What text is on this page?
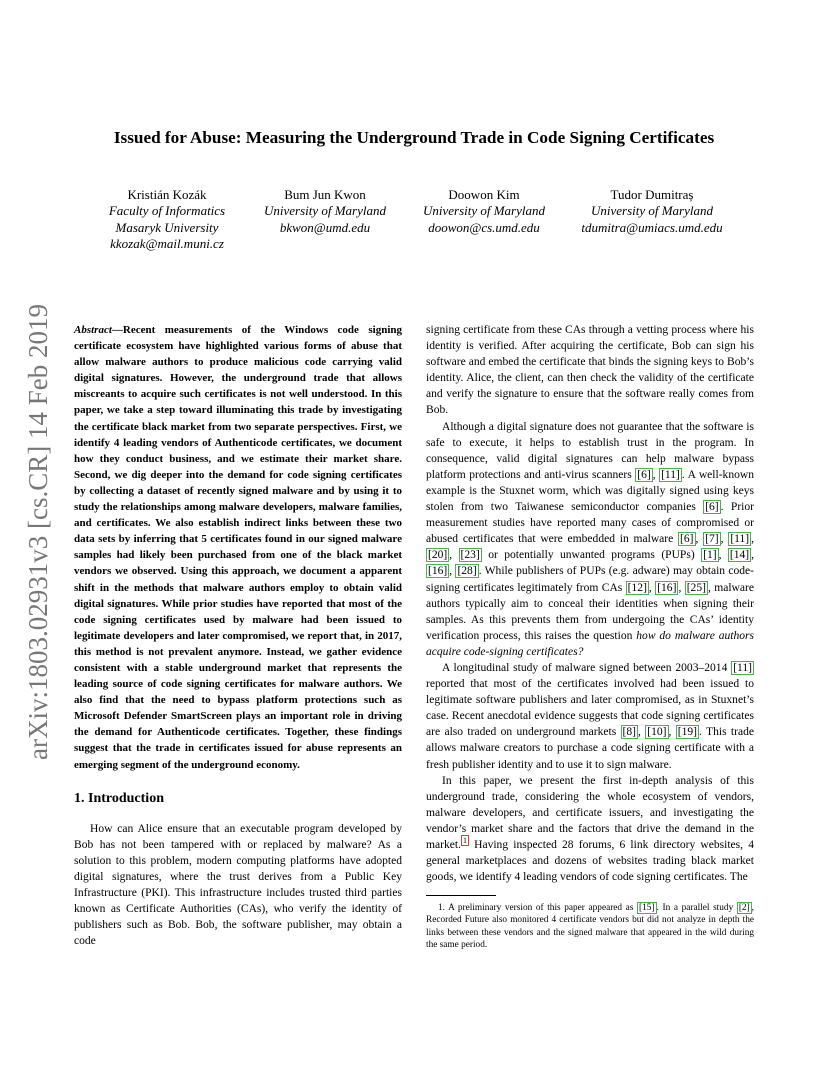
arXiv:1803.02931v3 [cs.CR] 14 Feb 2019
Issued for Abuse: Measuring the Underground Trade in Code Signing Certificates
Kristián Kozák
Faculty of Informatics
Masaryk University
kkozak@mail.muni.cz
Bum Jun Kwon
University of Maryland
bkwon@umd.edu
Doowon Kim
University of Maryland
doowon@cs.umd.edu
Tudor Dumitraș
University of Maryland
tdumitra@umiacs.umd.edu

Abstract—Recent measurements of the Windows code signing certificate ecosystem have highlighted various forms of abuse that allow malware authors to produce malicious code carrying valid digital signatures. However, the underground trade that allows miscreants to acquire such certificates is not well understood. In this paper, we take a step toward illuminating this trade by investigating the certificate black market from two separate perspectives. First, we identify 4 leading vendors of Authenticode certificates, we document how they conduct business, and we estimate their market share. Second, we dig deeper into the demand for code signing certificates by collecting a dataset of recently signed malware and by using it to study the relationships among malware developers, malware families, and certificates. We also establish indirect links between these two data sets by inferring that 5 certificates found in our signed malware samples had likely been purchased from one of the black market vendors we observed. Using this approach, we document a apparent shift in the methods that malware authors employ to obtain valid digital signatures. While prior studies have reported that most of the code signing certificates used by malware had been issued to legitimate developers and later compromised, we report that, in 2017, this method is not prevalent anymore. Instead, we gather evidence consistent with a stable underground market that represents the leading source of code signing certificates for malware authors. We also find that the need to bypass platform protections such as Microsoft Defender SmartScreen plays an important role in driving the demand for Authenticode certificates. Together, these findings suggest that the trade in certificates issued for abuse represents an emerging segment of the underground economy.

1. Introduction

How can Alice ensure that an executable program developed by Bob has not been tampered with or replaced by malware? As a solution to this problem, modern computing platforms have adopted digital signatures, where the trust derives from a Public Key Infrastructure (PKI). This infrastructure includes trusted third parties known as Certificate Authorities (CAs), who verify the identity of publishers such as Bob. Bob, the software publisher, may obtain a code

signing certificate from these CAs through a vetting process where his identity is verified. After acquiring the certificate, Bob can sign his software and embed the certificate that binds the signing keys to Bob’s identity. Alice, the client, can then check the validity of the certificate and verify the signature to ensure that the software really comes from Bob.

Although a digital signature does not guarantee that the software is safe to execute, it helps to establish trust in the program. In consequence, valid digital signatures can help malware bypass platform protections and anti-virus scanners [6] , [11] . A well-known example is the Stuxnet worm, which was digitally signed using keys stolen from two Taiwanese semiconductor companies [6] . Prior measurement studies have reported many cases of compromised or abused certificates that were embedded in malware [6] , [7] , [11] , [20] , [23] or potentially unwanted programs (PUPs) [1] , [14] , [16] , [28] . While publishers of PUPs (e.g. adware) may obtain code-signing certificates legitimately from CAs [12] , [16] , [25] , malware authors typically aim to conceal their identities when signing their samples. As this prevents them from undergoing the CAs’ identity verification process, this raises the question how do malware authors acquire code-signing certificates?

A longitudinal study of malware signed between 2003–2014 [11] reported that most of the certificates involved had been issued to legitimate software publishers and later compromised, as in Stuxnet’s case. Recent anecdotal evidence suggests that code signing certificates are also traded on underground markets [8] , [10] , [19] . This trade allows malware creators to purchase a code signing certificate with a fresh publisher identity and to use it to sign malware.

In this paper, we present the first in-depth analysis of this underground trade, considering the whole ecosystem of vendors, malware developers, and certificate issuers, and investigating the vendor’s market share and the factors that drive the demand in the market. $^1$ Having inspected 28 forums, 6 link directory websites, 4 general marketplaces and dozens of websites trading black market goods, we identify 4 leading vendors of code signing certificates. The

1. A preliminary version of this paper appeared as [15] . In a parallel study [2] , Recorded Future also monitored 4 certificate vendors but did not analyze in depth the links between these vendors and the signed malware that appeared in the wild during the same period.
